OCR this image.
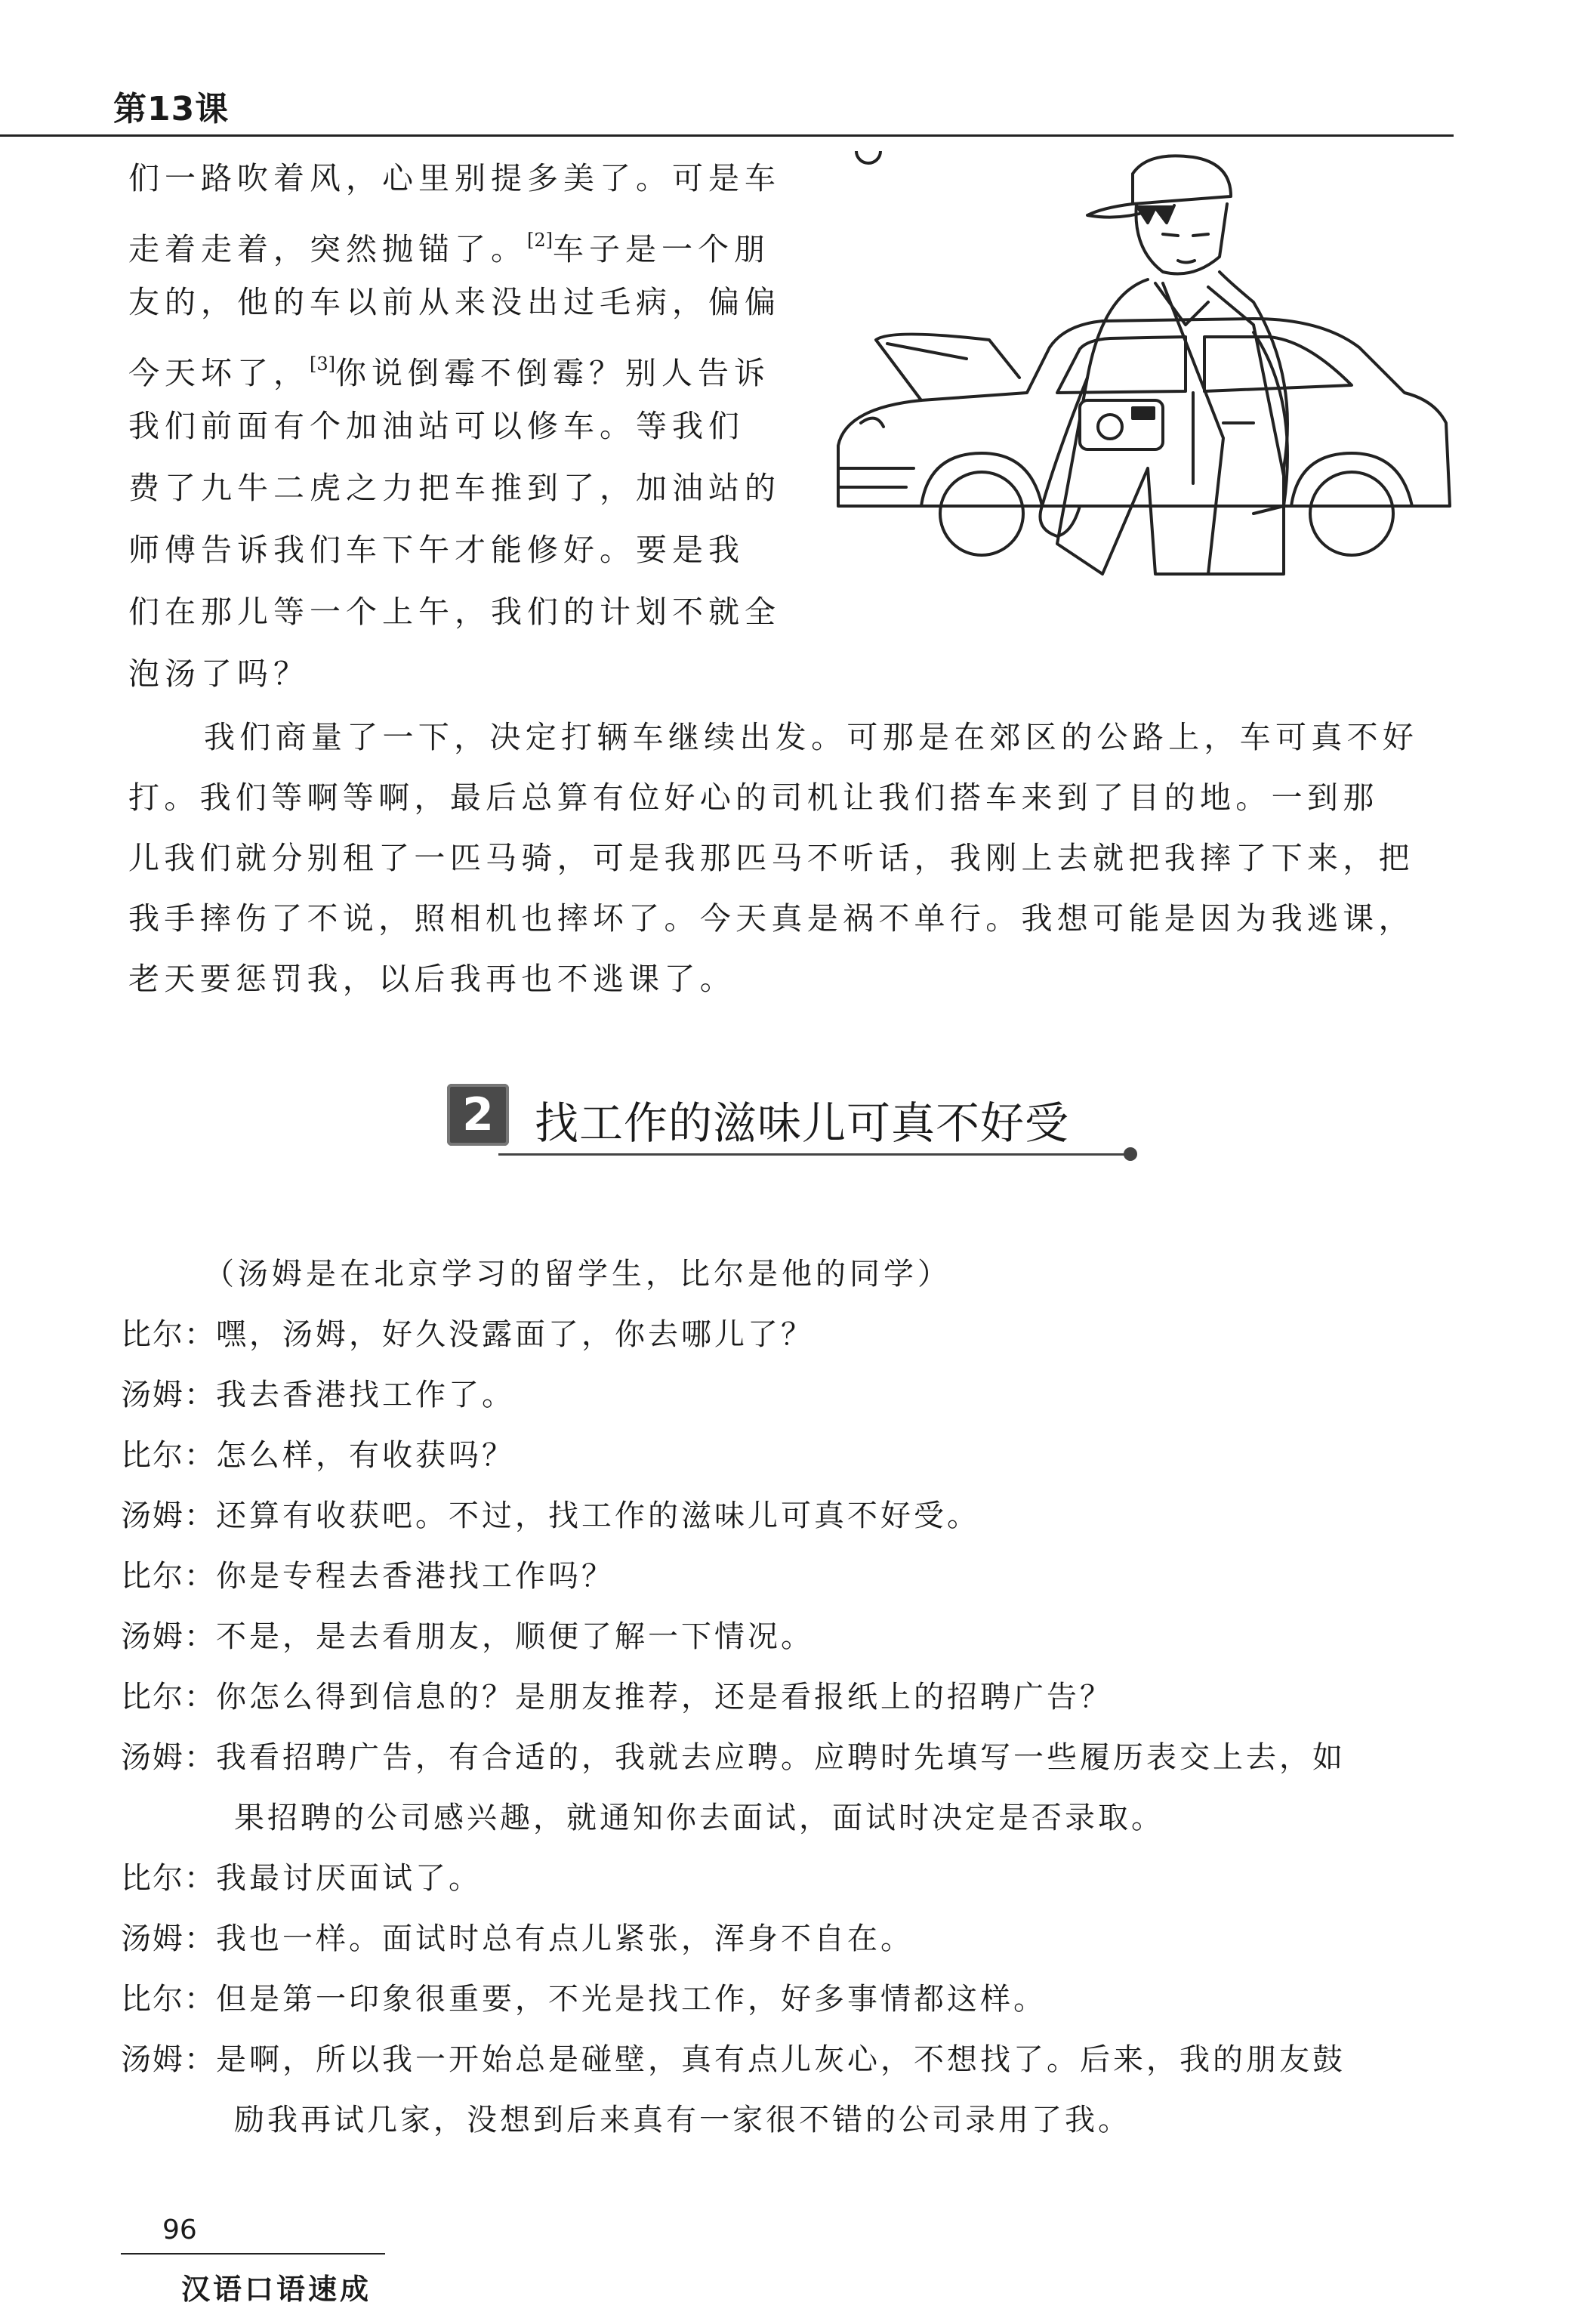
第13课
们一路吹着风，心里别提多美了。可是车
走着走着，突然抛锚了。[2]车子是一个朋
友的，他的车以前从来没出过毛病，偏偏
今天坏了，[3]你说倒霉不倒霉？别人告诉
我们前面有个加油站可以修车。等我们
费了九牛二虎之力把车推到了，加油站的
师傅告诉我们车下午才能修好。要是我
们在那儿等一个上午，我们的计划不就全
泡汤了吗？
我们商量了一下，决定打辆车继续出发。可那是在郊区的公路上，车可真不好
打。我们等啊等啊，最后总算有位好心的司机让我们搭车来到了目的地。一到那
儿我们就分别租了一匹马骑，可是我那匹马不听话，我刚上去就把我摔了下来，把
我手摔伤了不说，照相机也摔坏了。今天真是祸不单行。我想可能是因为我逃课，
老天要惩罚我，以后我再也不逃课了。
2 找工作的滋味儿可真不好受
（汤姆是在北京学习的留学生，比尔是他的同学）
比尔：嘿，汤姆，好久没露面了，你去哪儿了？
汤姆：我去香港找工作了。
比尔：怎么样，有收获吗？
汤姆：还算有收获吧。不过，找工作的滋味儿可真不好受。
比尔：你是专程去香港找工作吗？
汤姆：不是，是去看朋友，顺便了解一下情况。
比尔：你怎么得到信息的？是朋友推荐，还是看报纸上的招聘广告？
汤姆：我看招聘广告，有合适的，我就去应聘。应聘时先填写一些履历表交上去，如
果招聘的公司感兴趣，就通知你去面试，面试时决定是否录取。
比尔：我最讨厌面试了。
汤姆：我也一样。面试时总有点儿紧张，浑身不自在。
比尔：但是第一印象很重要，不光是找工作，好多事情都这样。
汤姆：是啊，所以我一开始总是碰壁，真有点儿灰心，不想找了。后来，我的朋友鼓
励我再试几家，没想到后来真有一家很不错的公司录用了我。
96
汉语口语速成
